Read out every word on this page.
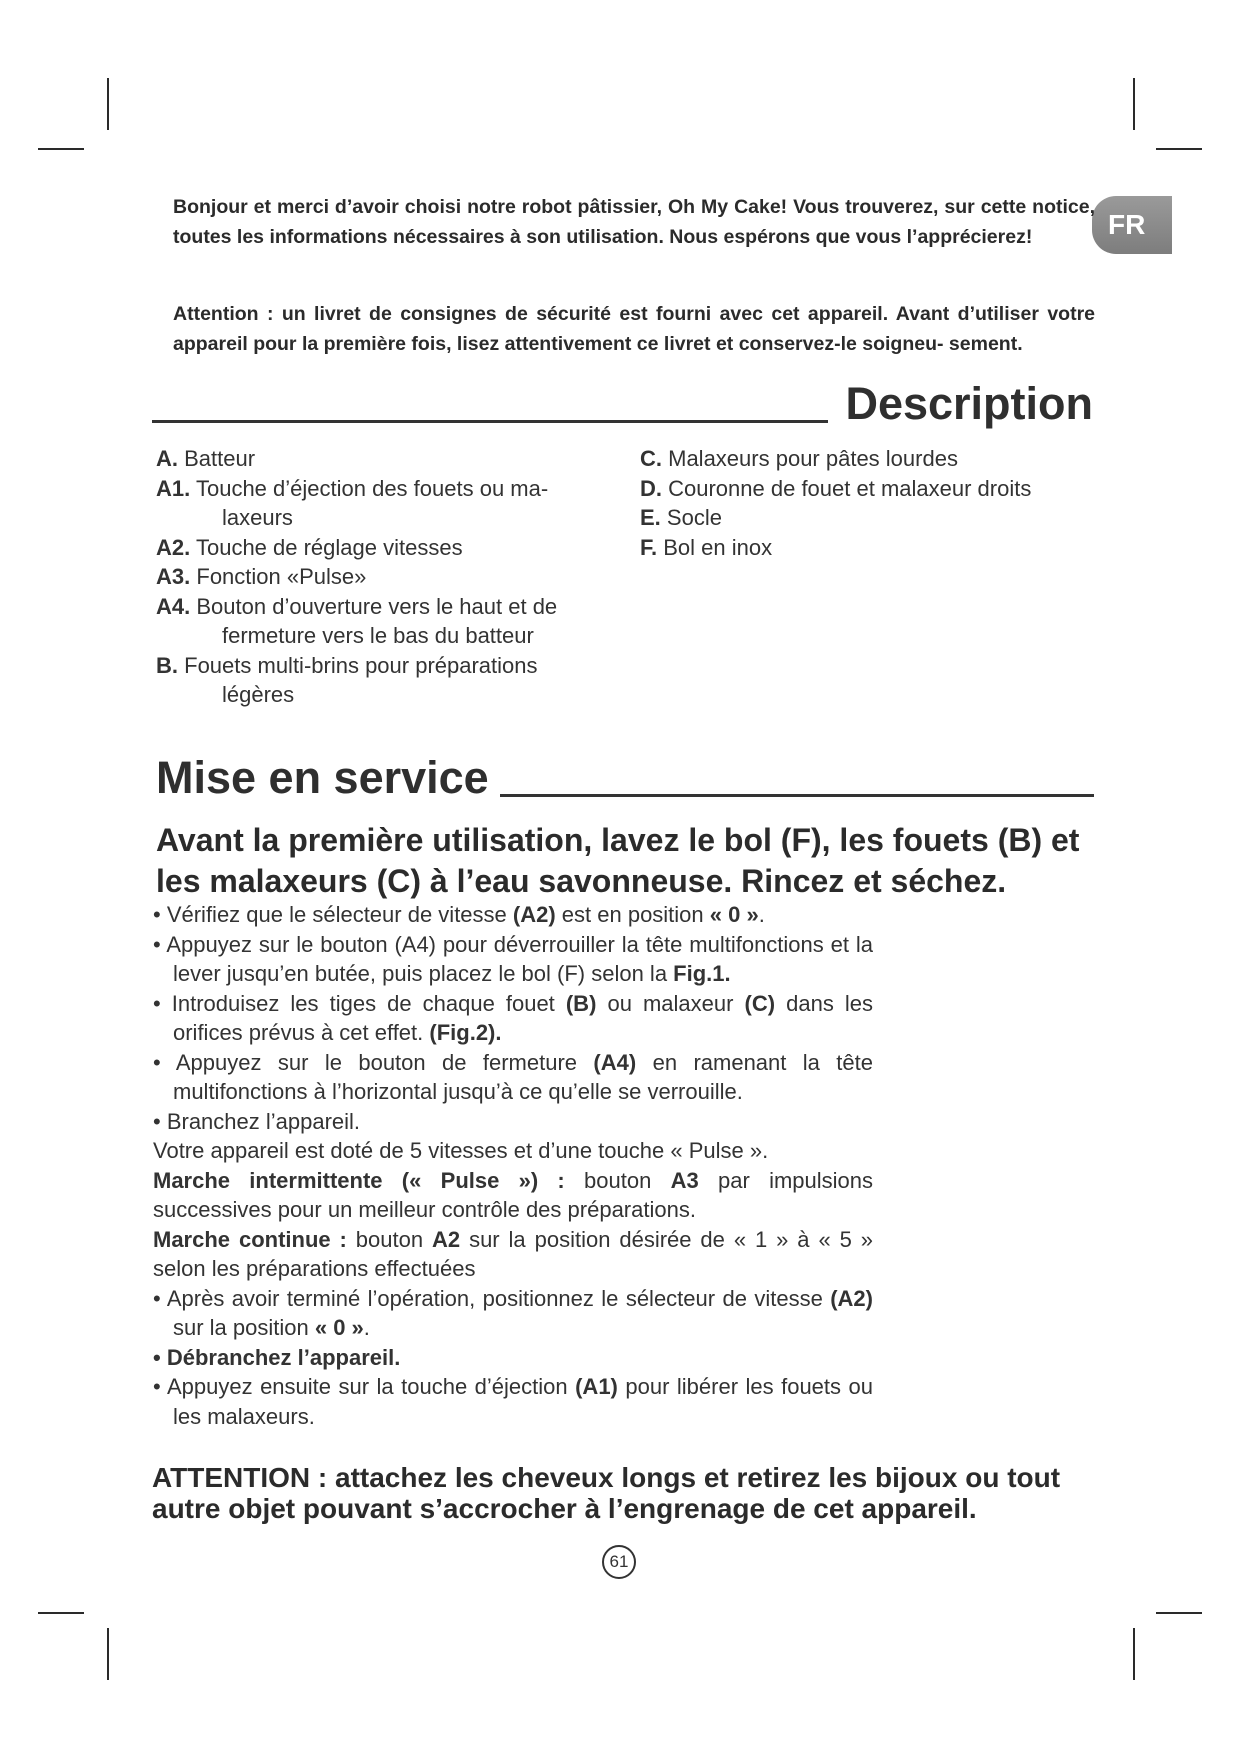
FR

Bonjour et merci d’avoir choisi notre robot pâtissier, Oh My Cake! Vous trouverez, sur cette notice, toutes les informations nécessaires à son utilisation. Nous espérons que vous l’apprécierez!

Attention : un livret de consignes de sécurité est fourni avec cet appareil. Avant d’utiliser votre appareil pour la première fois, lisez attentivement ce livret et conservez-le soigneu- sement.

Description
A. Batteur
A1. Touche d’éjection des fouets ou ma-
laxeurs
A2. Touche de réglage vitesses
A3. Fonction «Pulse»
A4. Bouton d’ouverture vers le haut et de
fermeture vers le bas du batteur
B. Fouets multi-brins pour préparations
légères
C. Malaxeurs pour pâtes lourdes
D. Couronne de fouet et malaxeur droits
E. Socle
F. Bol en inox
Mise en service
Avant la première utilisation, lavez le bol (F), les fouets (B) et les malaxeurs (C) à l’eau savonneuse. Rincez et séchez.

• Vérifiez que le sélecteur de vitesse (A2) est en position « 0 ».

• Appuyez sur le bouton (A4) pour déverrouiller la tête multifonctions et la lever jusqu’en butée, puis placez le bol (F) selon la Fig.1.

• Introduisez les tiges de chaque fouet (B) ou malaxeur (C) dans les orifices prévus à cet effet. (Fig.2).

• Appuyez sur le bouton de fermeture (A4) en ramenant la tête multifonctions à l’horizontal jusqu’à ce qu’elle se verrouille.

• Branchez l’appareil.

Votre appareil est doté de 5 vitesses et d’une touche « Pulse ».

Marche intermittente (« Pulse ») : bouton A3 par impulsions successives pour un meilleur contrôle des préparations.

Marche continue : bouton A2 sur la position désirée de « 1 » à « 5 » selon les préparations effectuées

• Après avoir terminé l’opération, positionnez le sélecteur de vitesse (A2) sur la position « 0 ».

• Débranchez l’appareil.

• Appuyez ensuite sur la touche d’éjection (A1) pour libérer les fouets ou les malaxeurs.

ATTENTION : attachez les cheveux longs et retirez les bijoux ou tout autre objet pouvant s’accrocher à l’engrenage de cet appareil.

61
